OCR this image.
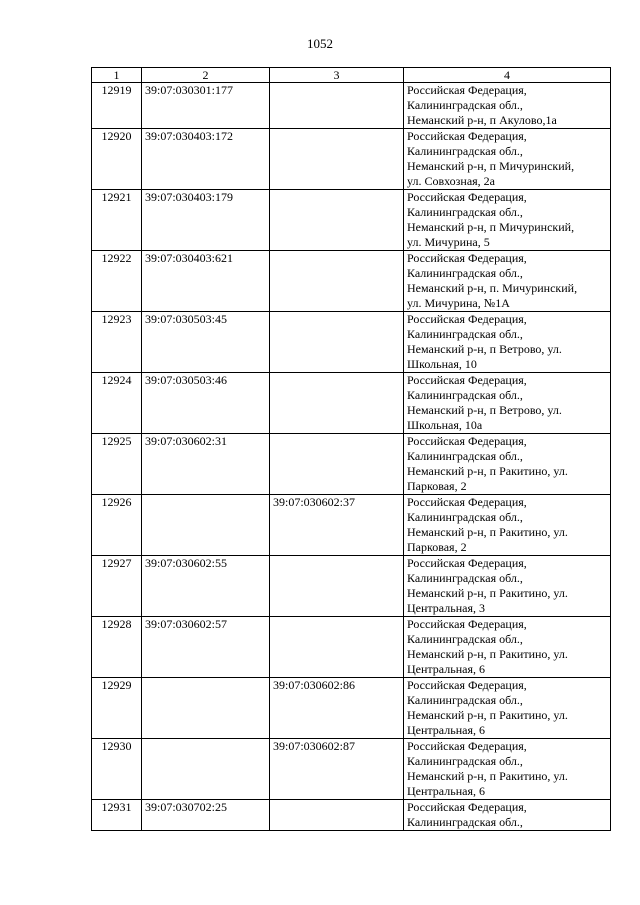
1052
1	2	3	4
12919	39:07:030301:177		Российская Федерация,
Калининградская обл.,
Неманский р-н, п Акулово,1а

12920	39:07:030403:172		Российская Федерация,
Калининградская обл.,
Неманский р-н, п Мичуринский,
ул. Совхозная, 2а

12921	39:07:030403:179		Российская Федерация,
Калининградская обл.,
Неманский р-н, п Мичуринский,
ул. Мичурина, 5

12922	39:07:030403:621		Российская Федерация,
Калининградская обл.,
Неманский р-н, п. Мичуринский,
ул. Мичурина, №1А

12923	39:07:030503:45		Российская Федерация,
Калининградская обл.,
Неманский р-н, п Ветрово, ул.
Школьная, 10

12924	39:07:030503:46		Российская Федерация,
Калининградская обл.,
Неманский р-н, п Ветрово, ул.
Школьная, 10а

12925	39:07:030602:31		Российская Федерация,
Калининградская обл.,
Неманский р-н, п Ракитино, ул.
Парковая, 2

12926		39:07:030602:37	Российская Федерация,
Калининградская обл.,
Неманский р-н, п Ракитино, ул.
Парковая, 2

12927	39:07:030602:55		Российская Федерация,
Калининградская обл.,
Неманский р-н, п Ракитино, ул.
Центральная, 3

12928	39:07:030602:57		Российская Федерация,
Калининградская обл.,
Неманский р-н, п Ракитино, ул.
Центральная, 6

12929		39:07:030602:86	Российская Федерация,
Калининградская обл.,
Неманский р-н, п Ракитино, ул.
Центральная, 6

12930		39:07:030602:87	Российская Федерация,
Калининградская обл.,
Неманский р-н, п Ракитино, ул.
Центральная, 6

12931	39:07:030702:25		Российская Федерация,
Калининградская обл.,
